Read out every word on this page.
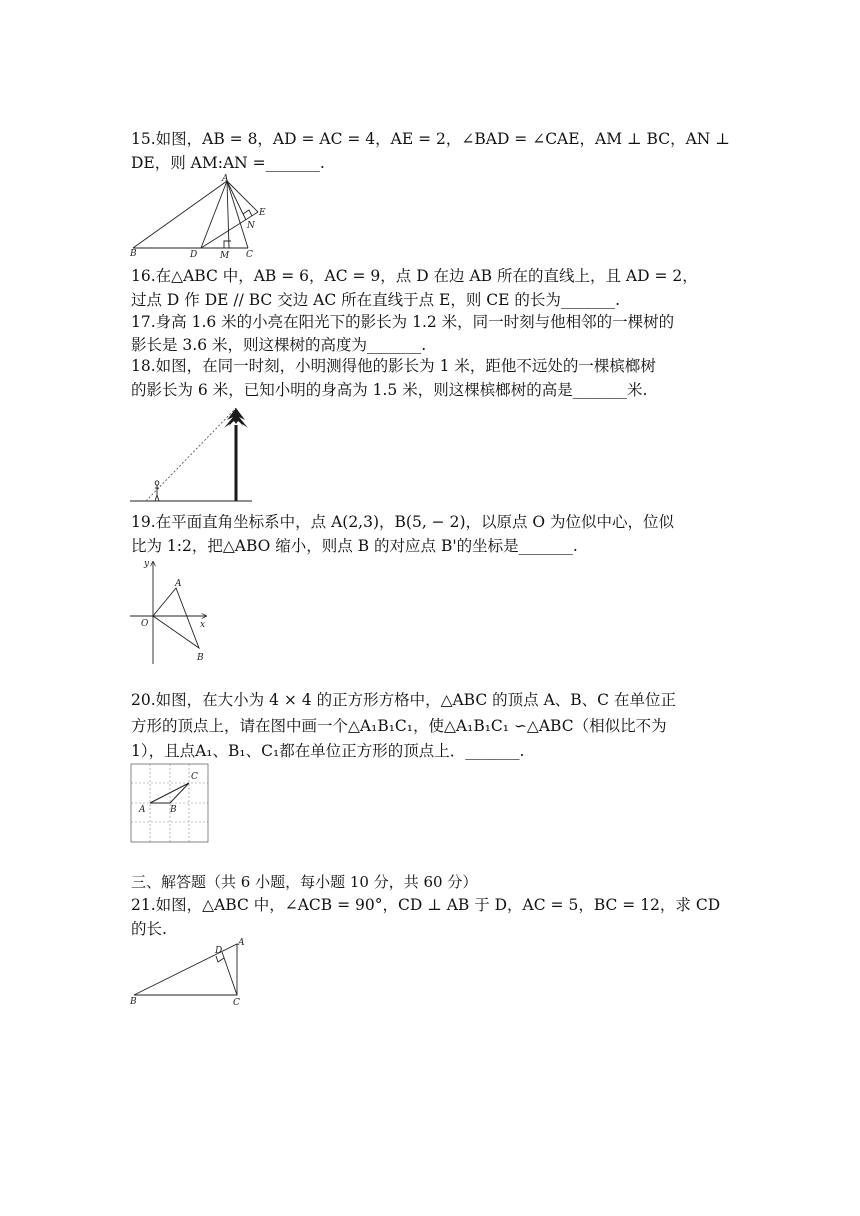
15.如图，AB = 8，AD = AC = 4，AE = 2，∠BAD = ∠CAE，AM ⊥ BC，AN ⊥
DE，则 AM:AN =_______.
A
B	D	M C
E
N
16.在△ABC 中，AB = 6，AC = 9，点 D 在边 AB 所在的直线上，且 AD = 2，
过点 D 作 DE // BC 交边 AC 所在直线于点 E，则 CE 的长为_______.
17.身高 1.6 米的小亮在阳光下的影长为 1.2 米，同一时刻与他相邻的一棵树的
影长是 3.6 米，则这棵树的高度为_______.
18.如图，在同一时刻，小明测得他的影长为 1 米，距他不远处的一棵槟榔树
的影长为 6 米，已知小明的身高为 1.5 米，则这棵槟榔树的高是_______米.
19.在平面直角坐标系中，点 A(2,3)，B(5, − 2)，以原点 O 为位似中心，位似
比为 1:2，把△ABO 缩小，则点 B 的对应点 B'的坐标是_______.
y
x
O
A
B
20.如图，在大小为 4 × 4 的正方形方格中，△ABC 的顶点 A、B、C 在单位正
方形的顶点上，请在图中画一个△A₁B₁C₁，使△A₁B₁C₁ ∽△ABC（相似比不为
1），且点A₁、B₁、C₁都在单位正方形的顶点上．_______.
A	B
C
三、解答题（共 6 小题，每小题 10 分，共 60 分）
21.如图，△ABC 中，∠ACB = 90°，CD ⊥ AB 于 D，AC = 5，BC = 12，求 CD
的长.
A
B	C
D
